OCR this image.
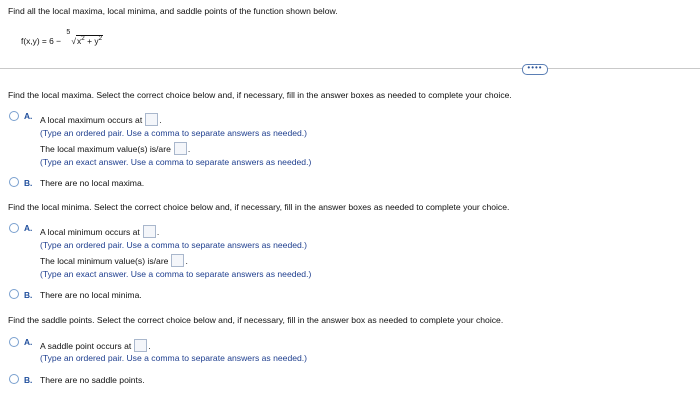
Find all the local maxima, local minima, and saddle points of the function shown below.
f(x,y) = 6 −
5
$√x^2 + y^2$
••••
Find the local maxima. Select the correct choice below and, if necessary, fill in the answer boxes as needed to complete your choice.
A. A local maximum occurs at .
(Type an ordered pair. Use a comma to separate answers as needed.)
The local maximum value(s) is/are .
(Type an exact answer. Use a comma to separate answers as needed.)
B. There are no local maxima.
Find the local minima. Select the correct choice below and, if necessary, fill in the answer boxes as needed to complete your choice.
A. A local minimum occurs at .
(Type an ordered pair. Use a comma to separate answers as needed.)
The local minimum value(s) is/are .
(Type an exact answer. Use a comma to separate answers as needed.)
B. There are no local minima.
Find the saddle points. Select the correct choice below and, if necessary, fill in the answer box as needed to complete your choice.
A. A saddle point occurs at .
(Type an ordered pair. Use a comma to separate answers as needed.)
B. There are no saddle points.
